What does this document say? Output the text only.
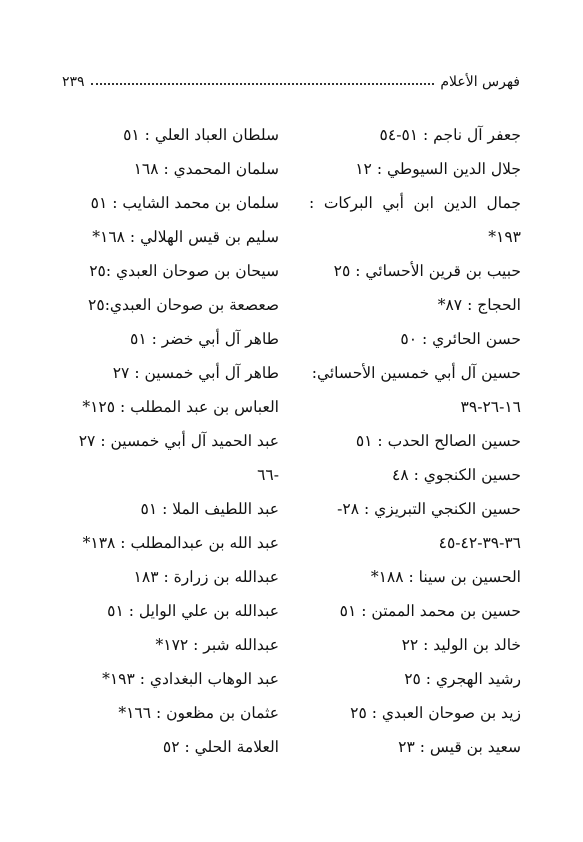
فهرس الأعلام
٢٣٩
جعفر آل ناجم : ٥١-٥٤
جلال الدين السيوطي : ١٢
جمال الدين ابن أبي البركات :
١٩٣*
حبيب بن قرين الأحسائي : ٢٥
الحجاج : ٨٧*
حسن الحائري : ٥٠
حسين آل أبي خمسين الأحسائي:
١٦-٢٦-٣٩
حسين الصالح الحدب : ٥١
حسين الكنجوي : ٤٨
حسين الكنجي التبريزي : ٢٨-
٣٦-٣٩-٤٢-٤٥
الحسين بن سينا : ١٨٨*
حسين بن محمد الممتن : ٥١
خالد بن الوليد : ٢٢
رشيد الهجري : ٢٥
زيد بن صوحان العبدي : ٢٥
سعيد بن قيس : ٢٣
سلطان العباد العلي : ٥١
سلمان المحمدي : ١٦٨
سلمان بن محمد الشايب : ٥١
سليم بن قيس الهلالي : ١٦٨*
سيحان بن صوحان العبدي :٢٥
صعصعة بن صوحان العبدي:٢٥
طاهر آل أبي خضر : ٥١
طاهر آل أبي خمسين : ٢٧
العباس بن عبد المطلب : ١٢٥*
عبد الحميد آل أبي خمسين : ٢٧
-٦٦
عبد اللطيف الملا : ٥١
عبد الله بن عبدالمطلب : ١٣٨*
عبدالله بن زرارة : ١٨٣
عبدالله بن علي الوايل : ٥١
عبدالله شبر : ١٧٢*
عبد الوهاب البغدادي : ١٩٣*
عثمان بن مظعون : ١٦٦*
العلامة الحلي : ٥٢
